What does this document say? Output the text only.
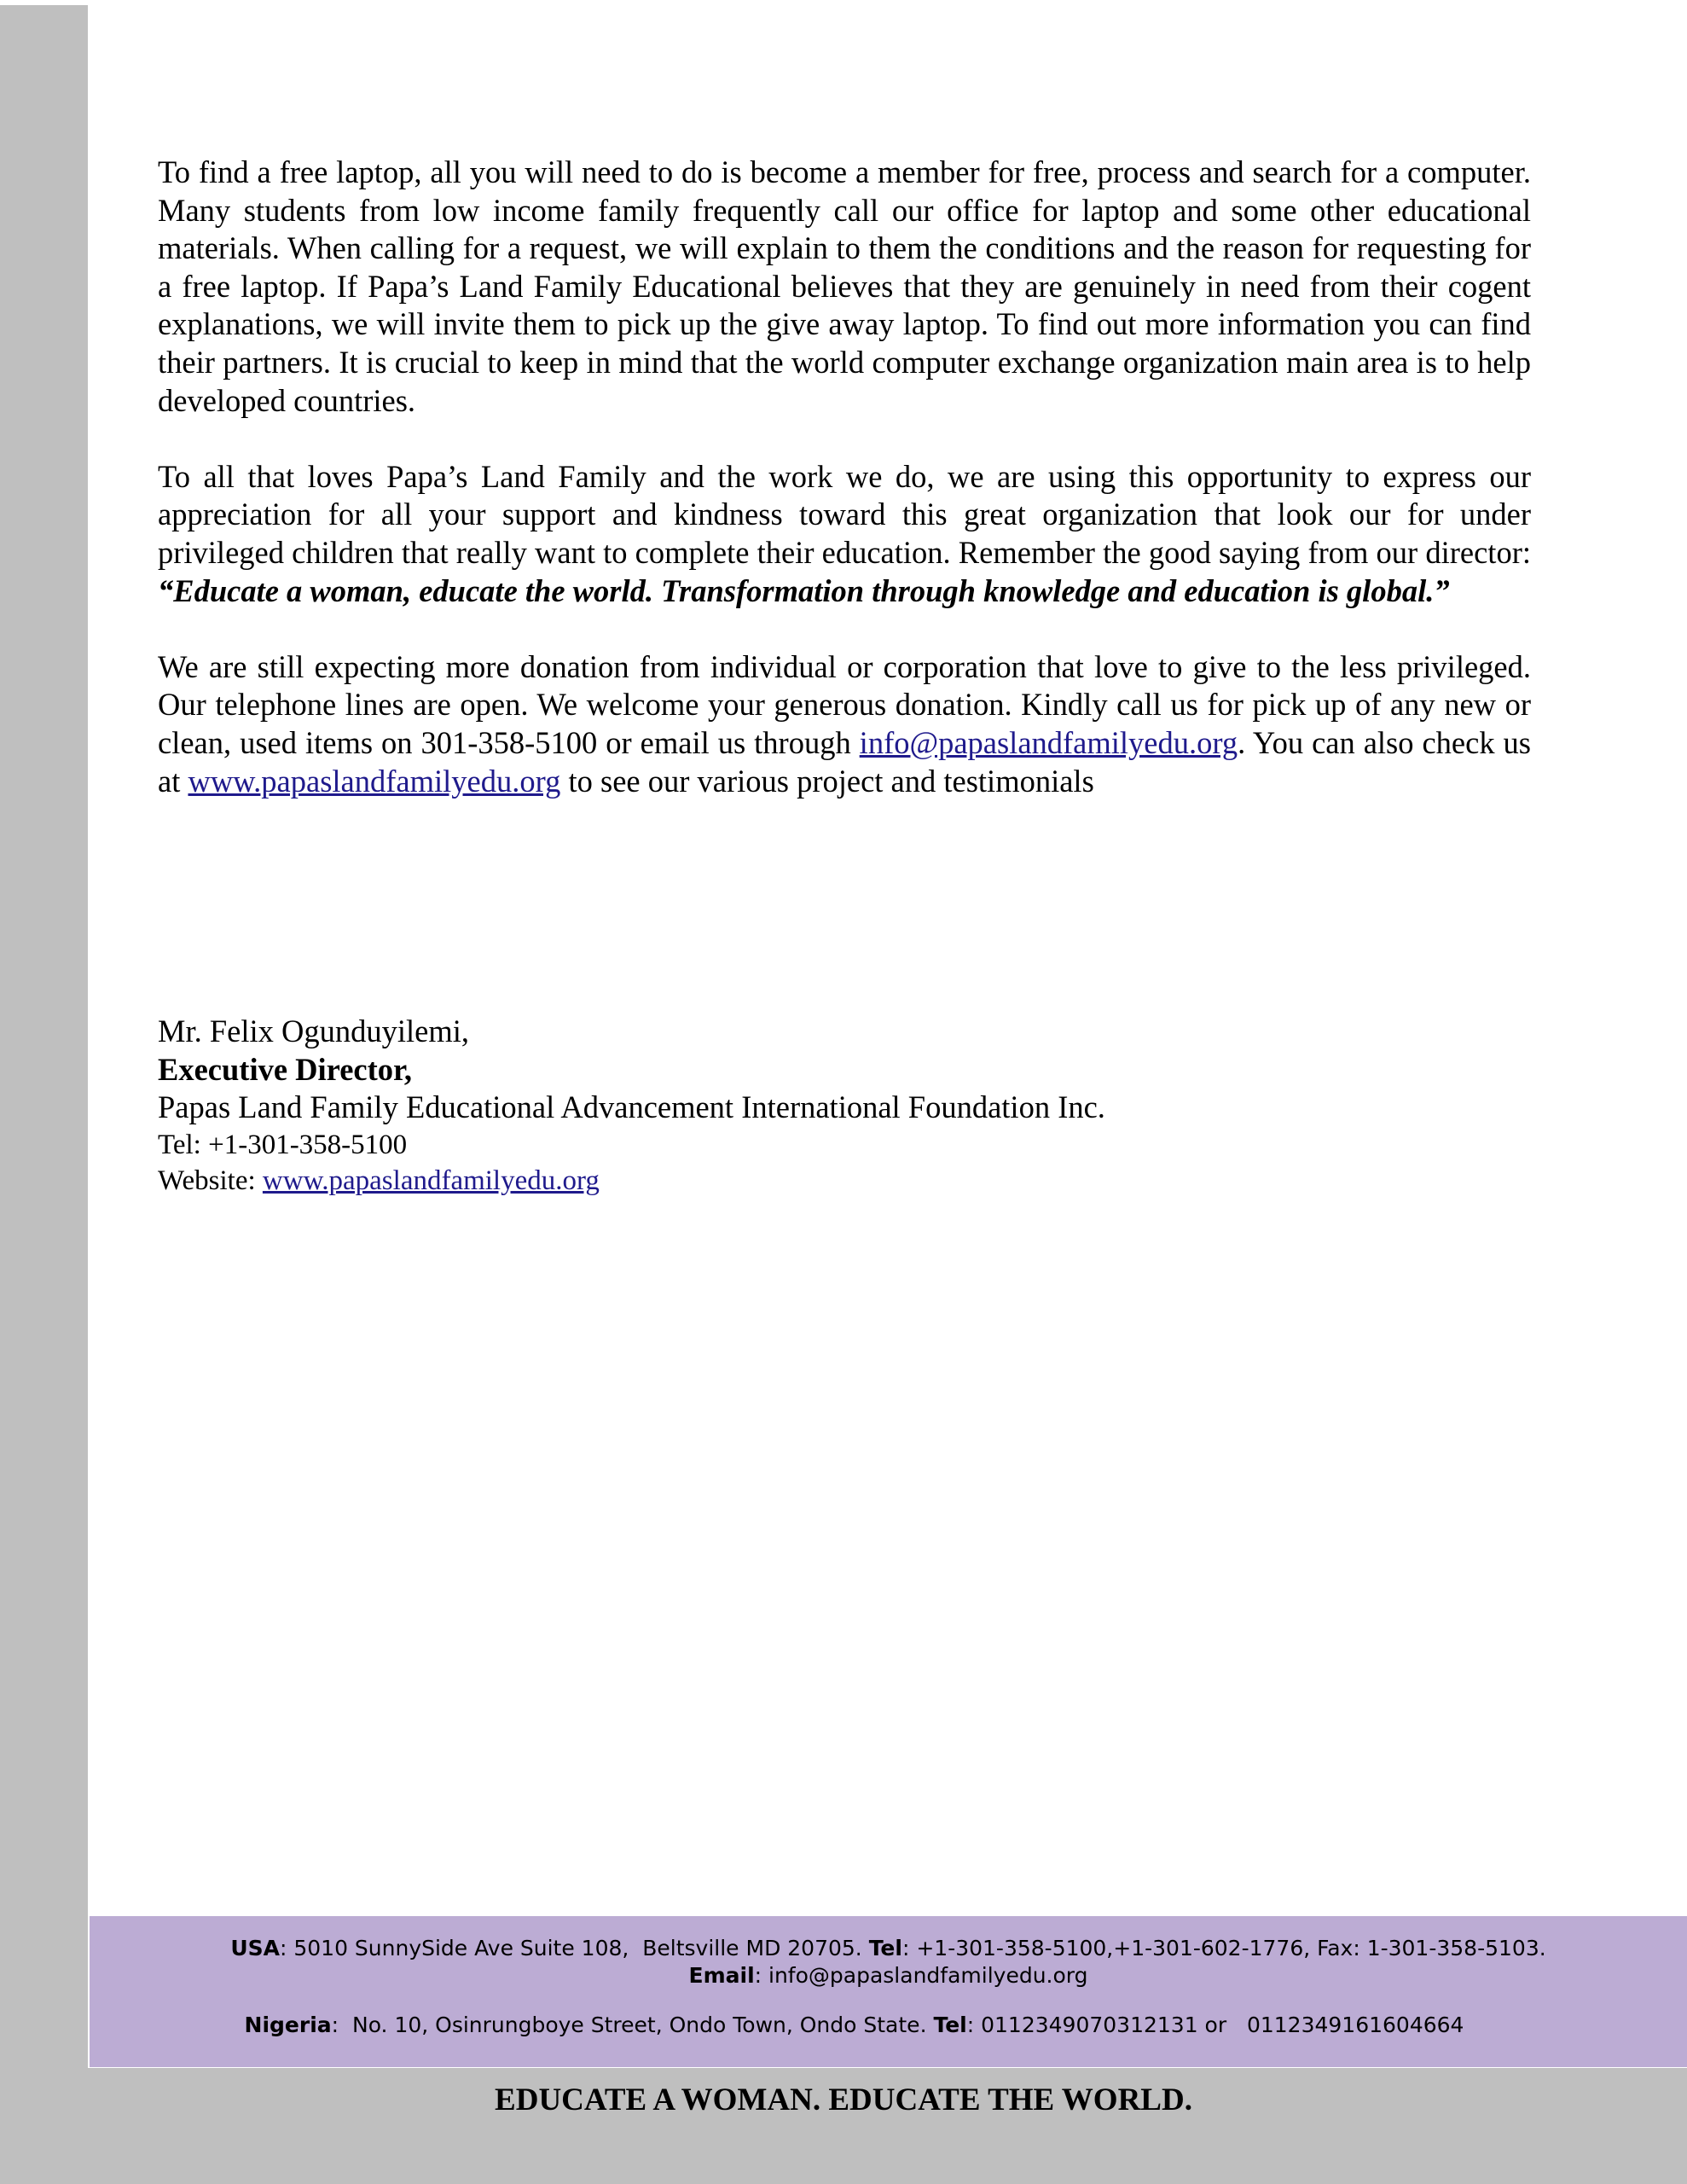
To find a free laptop, all you will need to do is become a member for free, process and search for a computer. Many students from low income family frequently call our office for laptop and some other educational materials. When calling for a request, we will explain to them the conditions and the reason for requesting for a free laptop. If Papa’s Land Family Educational believes that they are genuinely in need from their cogent explanations, we will invite them to pick up the give away laptop. To find out more information you can find their partners. It is crucial to keep in mind that the world computer exchange organization main area is to help developed countries.

To all that loves Papa’s Land Family and the work we do, we are using this opportunity to express our appreciation for all your support and kindness toward this great organization that look our for under privileged children that really want to complete their education. Remember the good saying from our director: “Educate a woman, educate the world. Transformation through knowledge and education is global.”

We are still expecting more donation from individual or corporation that love to give to the less privileged. Our telephone lines are open. We welcome your generous donation. Kindly call us for pick up of any new or clean, used items on 301-358-5100 or email us through info@papaslandfamilyedu.org. You can also check us at www.papaslandfamilyedu.org to see our various project and testimonials

Mr. Felix Ogunduyilemi,
Executive Director,
Papas Land Family Educational Advancement International Foundation Inc.
Tel: +1-301-358-5100
Website: www.papaslandfamilyedu.org
USA: 5010 SunnySide Ave Suite 108,  Beltsville MD 20705. Tel: +1-301-358-5100,+1-301-602-1776, Fax: 1-301-358-5103.
Email: info@papaslandfamilyedu.org
Nigeria:  No. 10, Osinrungboye Street, Ondo Town, Ondo State. Tel: 0112349070312131 or   0112349161604664
EDUCATE A WOMAN. EDUCATE THE WORLD.
